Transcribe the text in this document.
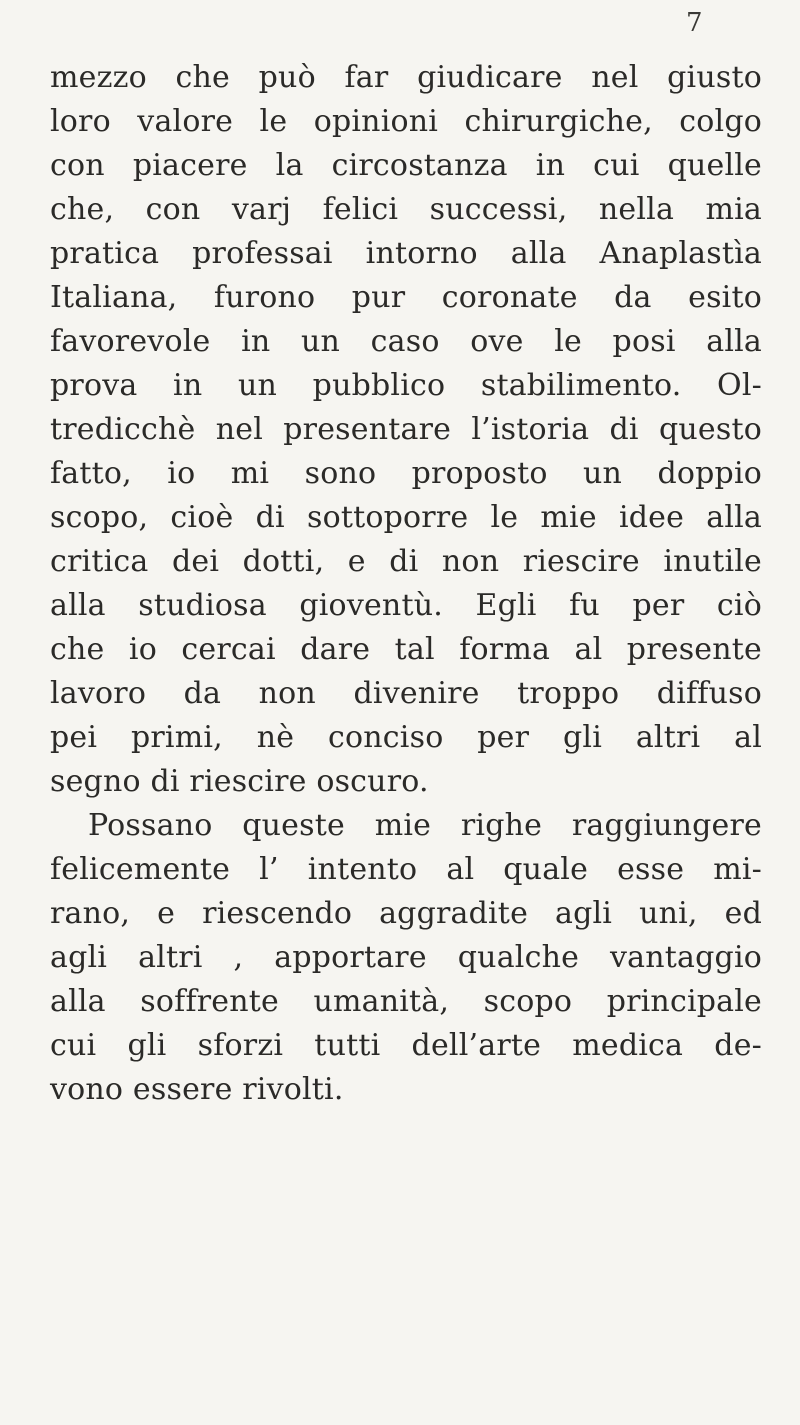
7
mezzo che può far giudicare nel giusto
loro valore le opinioni chirurgiche, colgo
con piacere la circostanza in cui quelle
che, con varj felici successi, nella mia
pratica professai intorno alla Anaplastìa
Italiana, furono pur coronate da esito
favorevole in un caso ove le posi alla
prova in un pubblico stabilimento. Ol-
tredicchè nel presentare l’istoria di questo
fatto, io mi sono proposto un doppio
scopo, cioè di sottoporre le mie idee alla
critica dei dotti, e di non riescire inutile
alla studiosa gioventù. Egli fu per ciò
che io cercai dare tal forma al presente
lavoro da non divenire troppo diffuso
pei primi, nè conciso per gli altri al
segno di riescire oscuro.
Possano queste mie righe raggiungere
felicemente l’ intento al quale esse mi-
rano, e riescendo aggradite agli uni, ed
agli altri , apportare qualche vantaggio
alla soffrente umanità, scopo principale
cui gli sforzi tutti dell’arte medica de-
vono essere rivolti.
